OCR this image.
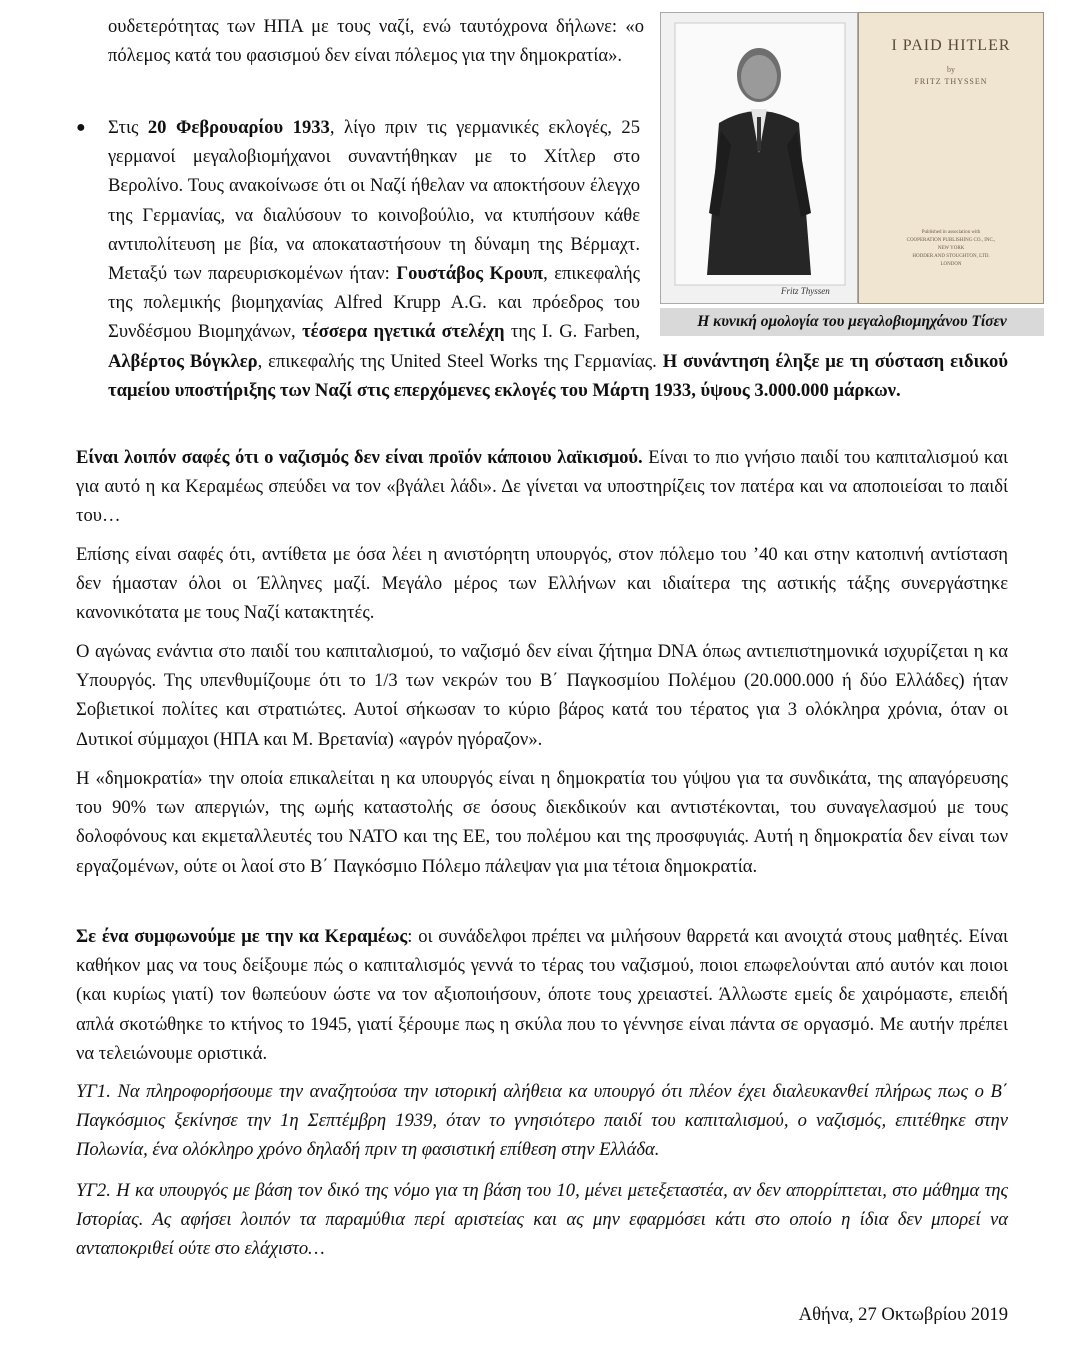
ουδετερότητας των ΗΠΑ με τους ναζί, ενώ ταυτόχρονα δήλωνε: «ο πόλεμος κατά του φασισμού δεν είναι πόλεμος για την δημοκρατία».

● Στις 20 Φεβρουαρίου 1933, λίγο πριν τις γερμανικές εκλογές, 25 γερμανοί μεγαλοβιομήχανοι συναντήθηκαν με το Χίτλερ στο Βερολίνο. Τους ανακοίνωσε ότι οι Ναζί ήθελαν να αποκτήσουν έλεγχο της Γερμανίας, να διαλύσουν το κοινοβούλιο, να κτυπήσουν κάθε αντιπολίτευση με βία, να αποκαταστήσουν τη δύναμη της Βέρμαχτ. Μεταξύ των παρευρισκομένων ήταν: Γουστάβος Κρουπ, επικεφαλής της πολεμικής βιομηχανίας Alfred Krupp A.G. και πρόεδρος του Συνδέσμου Βιομηχάνων, τέσσερα ηγετικά στελέχη της I. G. Farben, Αλβέρτος Βόγκλερ, επικεφαλής της United Steel Works της Γερμανίας. Η συνάντηση έληξε με τη σύσταση ειδικού ταμείου υποστήριξης των Ναζί στις επερχόμενες εκλογές του Μάρτη 1933, ύψους 3.000.000 μάρκων.

Fritz Thyssen
I PAID HITLER
by
FRITZ THYSSEN
Published in association with
COOPERATION PUBLISHING CO., INC.,
NEW YORK
HODDER AND STOUGHTON, LTD.
LONDON
Η κυνική ομολογία του μεγαλοβιομηχάνου Τίσεν

Είναι λοιπόν σαφές ότι ο ναζισμός δεν είναι προϊόν κάποιου λαϊκισμού. Είναι το πιο γνήσιο παιδί του καπιταλισμού και για αυτό η κα Κεραμέως σπεύδει να τον «βγάλει λάδι». Δε γίνεται να υποστηρίζεις τον πατέρα και να αποποιείσαι το παιδί του…

Επίσης είναι σαφές ότι, αντίθετα με όσα λέει η ανιστόρητη υπουργός, στον πόλεμο του ’40 και στην κατοπινή αντίσταση δεν ήμασταν όλοι οι Έλληνες μαζί. Μεγάλο μέρος των Ελλήνων και ιδιαίτερα της αστικής τάξης συνεργάστηκε κανονικότατα με τους Ναζί κατακτητές.

Ο αγώνας ενάντια στο παιδί του καπιταλισμού, το ναζισμό δεν είναι ζήτημα DNA όπως αντιεπιστημονικά ισχυρίζεται η κα Υπουργός. Της υπενθυμίζουμε ότι το 1/3 των νεκρών του Β΄ Παγκοσμίου Πολέμου (20.000.000 ή δύο Ελλάδες) ήταν Σοβιετικοί πολίτες και στρατιώτες. Αυτοί σήκωσαν το κύριο βάρος κατά του τέρατος για 3 ολόκληρα χρόνια, όταν οι Δυτικοί σύμμαχοι (ΗΠΑ και Μ. Βρετανία) «αγρόν ηγόραζον».

Η «δημοκρατία» την οποία επικαλείται η κα υπουργός είναι η δημοκρατία του γύψου για τα συνδικάτα, της απαγόρευσης του 90% των απεργιών, της ωμής καταστολής σε όσους διεκδικούν και αντιστέκονται, του συναγελασμού με τους δολοφόνους και εκμεταλλευτές του ΝΑΤΟ και της ΕΕ, του πολέμου και της προσφυγιάς. Αυτή η δημοκρατία δεν είναι των εργαζομένων, ούτε οι λαοί στο Β΄ Παγκόσμιο Πόλεμο πάλεψαν για μια τέτοια δημοκρατία.

Σε ένα συμφωνούμε με την κα Κεραμέως: οι συνάδελφοι πρέπει να μιλήσουν θαρρετά και ανοιχτά στους μαθητές. Είναι καθήκον μας να τους δείξουμε πώς ο καπιταλισμός γεννά το τέρας του ναζισμού, ποιοι επωφελούνται από αυτόν και ποιοι (και κυρίως γιατί) τον θωπεύουν ώστε να τον αξιοποιήσουν, όποτε τους χρειαστεί. Άλλωστε εμείς δε χαιρόμαστε, επειδή απλά σκοτώθηκε το κτήνος το 1945, γιατί ξέρουμε πως η σκύλα που το γέννησε είναι πάντα σε οργασμό. Με αυτήν πρέπει να τελειώνουμε οριστικά.

ΥΓ1. Να πληροφορήσουμε την αναζητούσα την ιστορική αλήθεια κα υπουργό ότι πλέον έχει διαλευκανθεί πλήρως πως ο Β΄ Παγκόσμιος ξεκίνησε την 1η Σεπτέμβρη 1939, όταν το γνησιότερο παιδί του καπιταλισμού, ο ναζισμός, επιτέθηκε στην Πολωνία, ένα ολόκληρο χρόνο δηλαδή πριν τη φασιστική επίθεση στην Ελλάδα.

ΥΓ2. Η κα υπουργός με βάση τον δικό της νόμο για τη βάση του 10, μένει μετεξεταστέα, αν δεν απορρίπτεται, στο μάθημα της Ιστορίας. Ας αφήσει λοιπόν τα παραμύθια περί αριστείας και ας μην εφαρμόσει κάτι στο οποίο η ίδια δεν μπορεί να ανταποκριθεί ούτε στο ελάχιστο…

Αθήνα, 27 Οκτωβρίου 2019
